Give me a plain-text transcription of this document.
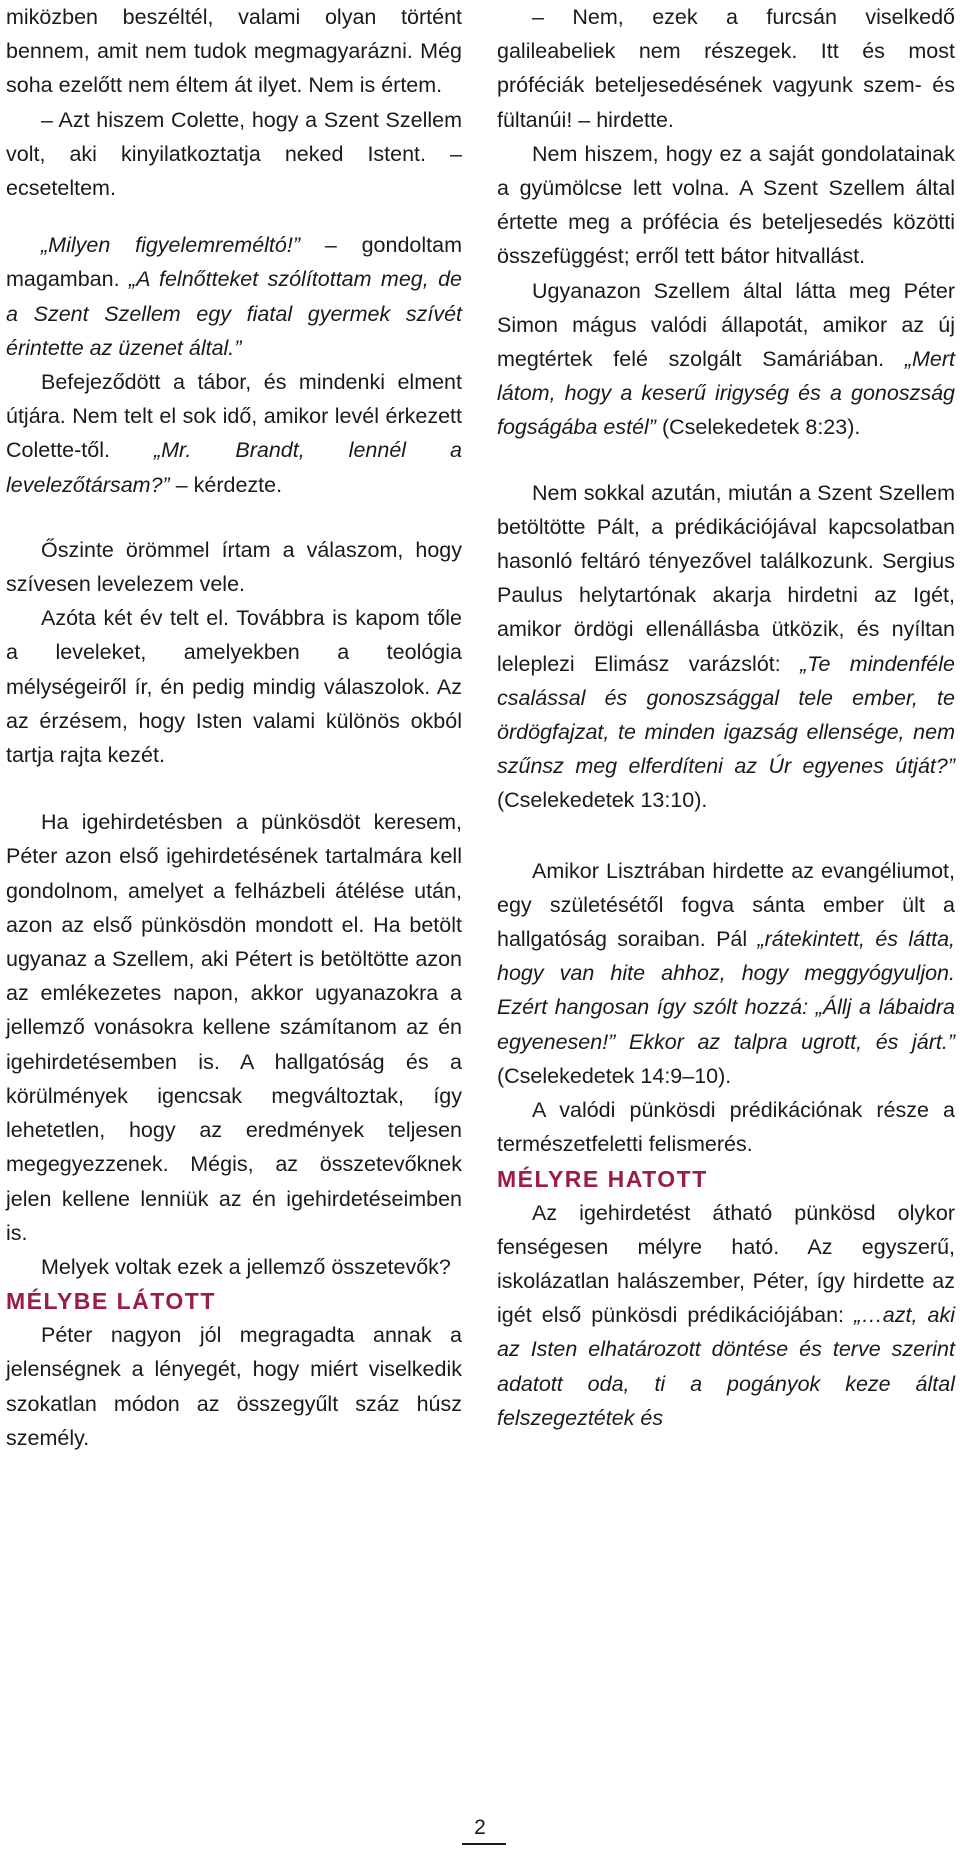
miközben beszéltél, valami olyan történt bennem, amit nem tudok megmagyarázni. Még soha ezelőtt nem éltem át ilyet. Nem is értem.

– Azt hiszem Colette, hogy a Szent Szellem volt, aki kinyilatkoztatja neked Istent. – ecseteltem.

„Milyen figyelemreméltó!” – gondoltam magamban. „A felnőtteket szólítottam meg, de a Szent Szellem egy fiatal gyermek szívét érintette az üzenet által.”

Befejeződött a tábor, és mindenki elment útjára. Nem telt el sok idő, amikor levél érkezett Colette-től. „Mr. Brandt, lennél a levelezőtársam?” – kérdezte.

Őszinte örömmel írtam a válaszom, hogy szívesen levelezem vele.

Azóta két év telt el. Továbbra is kapom tőle a leveleket, amelyekben a teológia mélységeiről ír, én pedig mindig válaszolok. Az az érzésem, hogy Isten valami különös okból tartja rajta kezét.

Ha igehirdetésben a pünkösdöt keresem, Péter azon első igehirdetésének tartalmára kell gondolnom, amelyet a felházbeli átélése után, azon az első pünkösdön mondott el. Ha betölt ugyanaz a Szellem, aki Pétert is betöltötte azon az emlékezetes napon, akkor ugyanazokra a jellemző vonásokra kellene számítanom az én igehirdetésemben is. A hallgatóság és a körülmények igencsak megváltoztak, így lehetetlen, hogy az eredmények teljesen megegyezzenek. Mégis, az összetevőknek jelen kellene lenniük az én igehirdetéseimben is.

Melyek voltak ezek a jellemző összetevők?

MÉLYBE LÁTOTT

Péter nagyon jól megragadta annak a jelenségnek a lényegét, hogy miért viselkedik szokatlan módon az összegyűlt száz húsz személy.

– Nem, ezek a furcsán viselkedő galileabeliek nem részegek. Itt és most próféciák beteljesedésének vagyunk szem- és fültanúi! – hirdette.

Nem hiszem, hogy ez a saját gondolatainak a gyümölcse lett volna. A Szent Szellem által értette meg a prófécia és beteljesedés közötti összefüggést; erről tett bátor hitvallást.

Ugyanazon Szellem által látta meg Péter Simon mágus valódi állapotát, amikor az új megtértek felé szolgált Samáriában. „Mert látom, hogy a keserű irigység és a gonoszság fogságába estél” (Cselekedetek 8:23).

Nem sokkal azután, miután a Szent Szellem betöltötte Pált, a prédikációjával kapcsolatban hasonló feltáró tényezővel találkozunk. Sergius Paulus helytartónak akarja hirdetni az Igét, amikor ördögi ellenállásba ütközik, és nyíltan leleplezi Elimász varázslót: „Te mindenféle csalással és gonoszsággal tele ember, te ördögfajzat, te minden igazság ellensége, nem szűnsz meg elferdíteni az Úr egyenes útját?” (Cselekedetek 13:10).

Amikor Lisztrában hirdette az evangéliumot, egy születésétől fogva sánta ember ült a hallgatóság soraiban. Pál „rátekintett, és látta, hogy van hite ahhoz, hogy meggyógyuljon. Ezért hangosan így szólt hozzá: „Állj a lábaidra egyenesen!” Ekkor az talpra ugrott, és járt.” (Cselekedetek 14:9–10).

A valódi pünkösdi prédikációnak része a természetfeletti felismerés.

MÉLYRE HATOTT

Az igehirdetést átható pünkösd olykor fenségesen mélyre ható. Az egyszerű, iskolázatlan halászember, Péter, így hirdette az igét első pünkösdi prédikációjában: „…azt, aki az Isten elhatározott döntése és terve szerint adatott oda, ti a pogányok keze által felszegeztétek és

2
